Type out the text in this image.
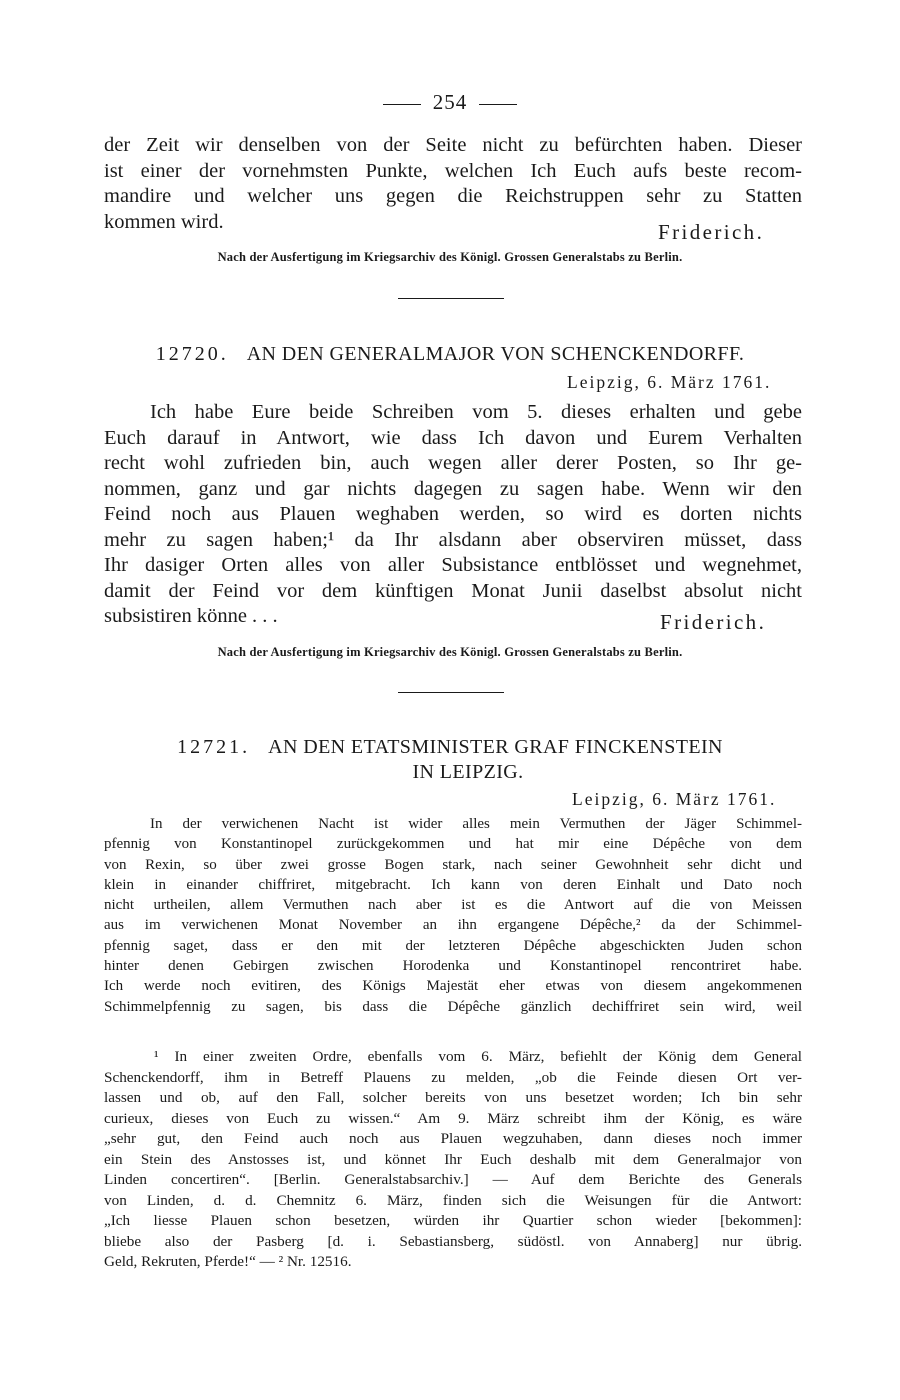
254
der Zeit wir denselben von der Seite nicht zu befürchten haben. Dieser
ist einer der vornehmsten Punkte, welchen Ich Euch aufs beste recom-
mandire und welcher uns gegen die Reichstruppen sehr zu Statten
kommen wird.	Friderich.
Nach der Ausfertigung im Kriegsarchiv des Königl. Grossen Generalstabs zu Berlin.
12720. AN DEN GENERALMAJOR VON SCHENCKENDORFF.
Leipzig, 6. März 1761.
Ich habe Eure beide Schreiben vom 5. dieses erhalten und gebe
Euch darauf in Antwort, wie dass Ich davon und Eurem Verhalten
recht wohl zufrieden bin, auch wegen aller derer Posten, so Ihr ge-
nommen, ganz und gar nichts dagegen zu sagen habe. Wenn wir den
Feind noch aus Plauen weghaben werden, so wird es dorten nichts
mehr zu sagen haben;¹ da Ihr alsdann aber observiren müsset, dass
Ihr dasiger Orten alles von aller Subsistance entblösset und wegnehmet,
damit der Feind vor dem künftigen Monat Junii daselbst absolut nicht
subsistiren könne . . .	Friderich.
Nach der Ausfertigung im Kriegsarchiv des Königl. Grossen Generalstabs zu Berlin.
12721. AN DEN ETATSMINISTER GRAF FINCKENSTEIN
IN LEIPZIG.
Leipzig, 6. März 1761.
In der verwichenen Nacht ist wider alles mein Vermuthen der Jäger Schimmel-
pfennig von Konstantinopel zurückgekommen und hat mir eine Dépêche von dem
von Rexin, so über zwei grosse Bogen stark, nach seiner Gewohnheit sehr dicht und
klein in einander chiffriret, mitgebracht. Ich kann von deren Einhalt und Dato noch
nicht urtheilen, allem Vermuthen nach aber ist es die Antwort auf die von Meissen
aus im verwichenen Monat November an ihn ergangene Dépêche,² da der Schimmel-
pfennig saget, dass er den mit der letzteren Dépêche abgeschickten Juden schon
hinter denen Gebirgen zwischen Horodenka und Konstantinopel rencontriret habe.
Ich werde noch evitiren, des Königs Majestät eher etwas von diesem angekommenen
Schimmelpfennig zu sagen, bis dass die Dépêche gänzlich dechiffriret sein wird, weil
¹ In einer zweiten Ordre, ebenfalls vom 6. März, befiehlt der König dem General
Schenckendorff, ihm in Betreff Plauens zu melden, „ob die Feinde diesen Ort ver-
lassen und ob, auf den Fall, solcher bereits von uns besetzet worden; Ich bin sehr
curieux, dieses von Euch zu wissen.“ Am 9. März schreibt ihm der König, es wäre
„sehr gut, den Feind auch noch aus Plauen wegzuhaben, dann dieses noch immer
ein Stein des Anstosses ist, und könnet Ihr Euch deshalb mit dem Generalmajor von
Linden concertiren“. [Berlin. Generalstabsarchiv.] — Auf dem Berichte des Generals
von Linden, d. d. Chemnitz 6. März, finden sich die Weisungen für die Antwort:
„Ich liesse Plauen schon besetzen, würden ihr Quartier schon wieder [bekommen]:
bliebe also der Pasberg [d. i. Sebastiansberg, südöstl. von Annaberg] nur übrig.
Geld, Rekruten, Pferde!“ — ² Nr. 12516.
